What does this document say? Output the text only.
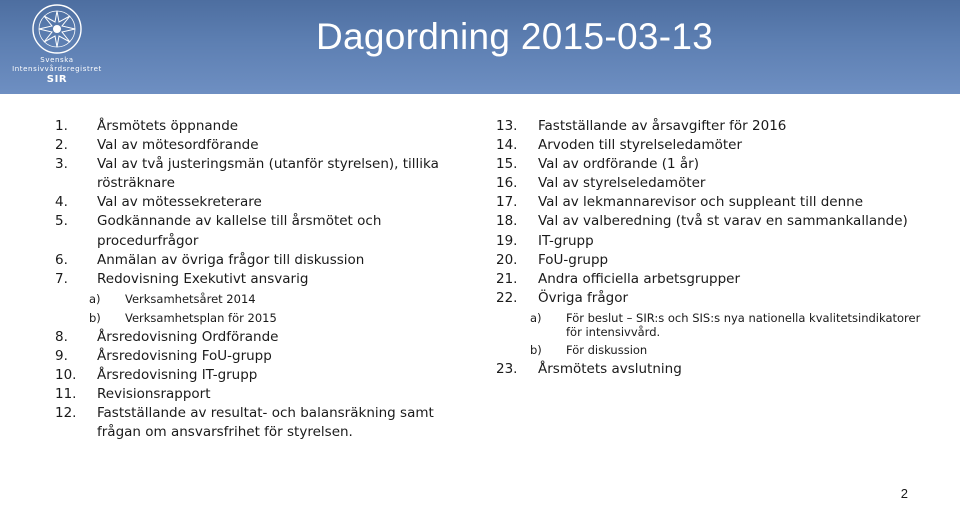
Svenska
Intensivvårdsregistret
SIR
Dagordning 2015-03-13
1.	Årsmötets öppnande
2.	Val av mötesordförande
3.	Val av två justeringsmän (utanför styrelsen), tillika rösträknare
4.	Val av mötessekreterare
5.	Godkännande av kallelse till årsmötet och procedurfrågor
6.	Anmälan av övriga frågor till diskussion
7.	Redovisning Exekutivt ansvarig
a)	Verksamhetsåret 2014
b)	Verksamhetsplan för 2015
8.	Årsredovisning Ordförande
9.	Årsredovisning FoU-grupp
10.	Årsredovisning IT-grupp
11.	Revisionsrapport
12.	Fastställande av resultat- och balansräkning samt frågan om ansvarsfrihet för styrelsen.
13.	Fastställande av årsavgifter för 2016
14.	Arvoden till styrelseledamöter
15.	Val av ordförande (1 år)
16.	Val av styrelseledamöter
17.	Val av lekmannarevisor och suppleant till denne
18.	Val av valberedning (två st varav en sammankallande)
19.	IT-grupp
20.	FoU-grupp
21.	Andra officiella arbetsgrupper
22.	Övriga frågor
a)	För beslut – SIR:s och SIS:s nya nationella kvalitetsindikatorer för intensivvård.
b)	För diskussion
23.	Årsmötets avslutning
2
